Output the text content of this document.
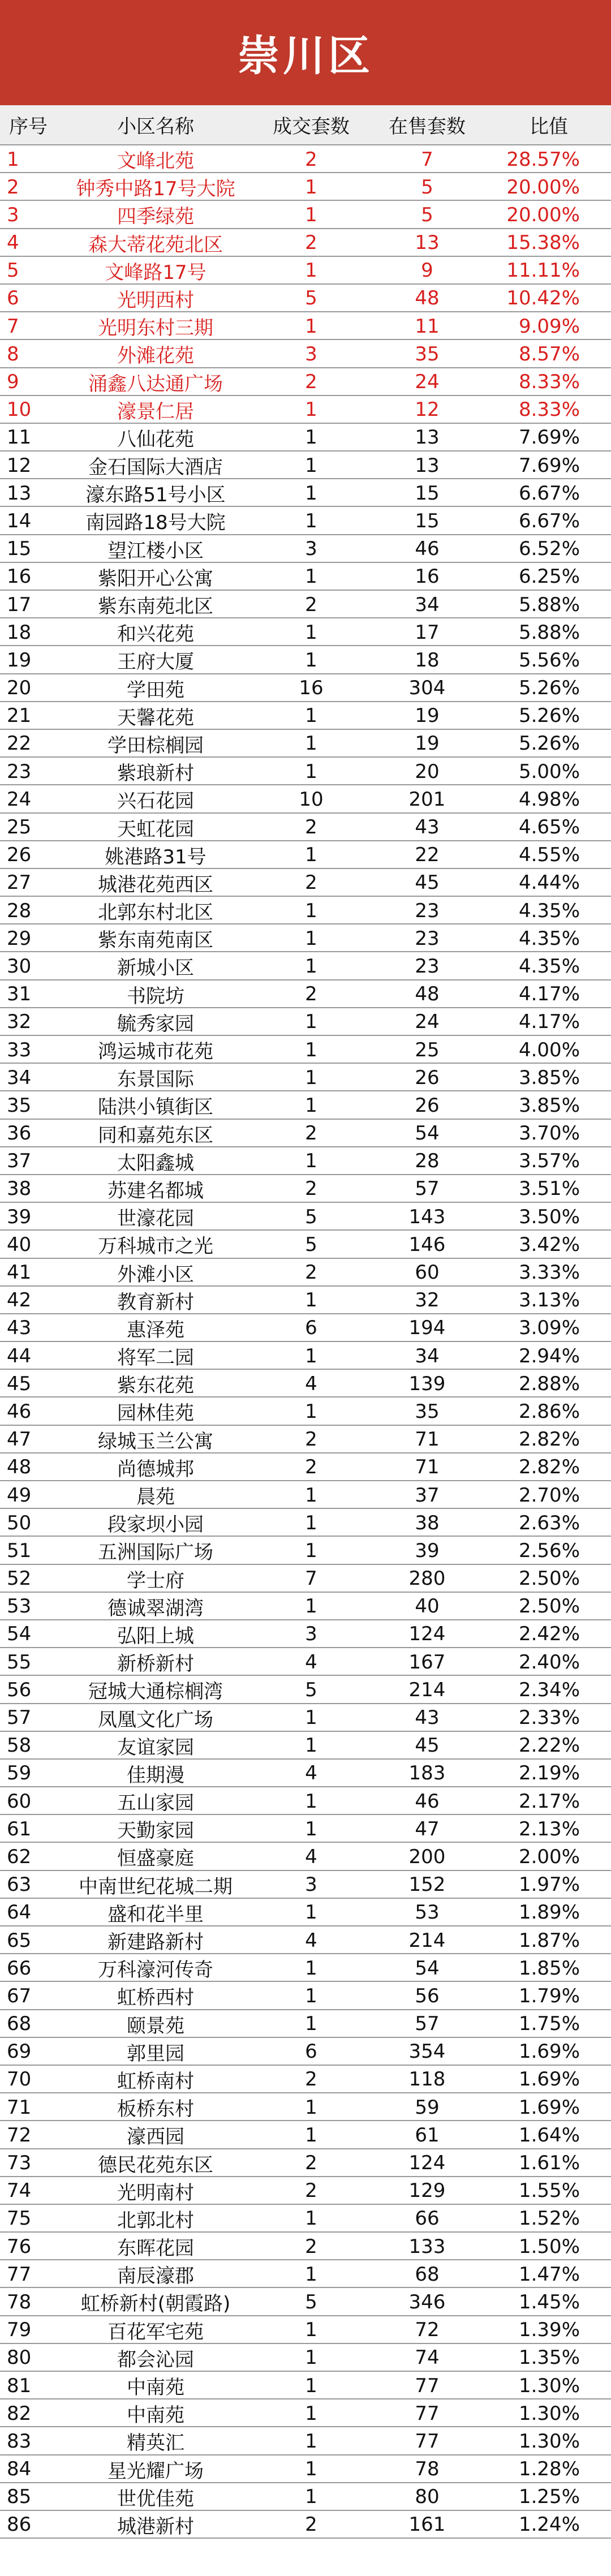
崇川区
序号	小区名称	成交套数	在售套数	比值
1	文峰北苑	2	7	28.57%
2	钟秀中路17号大院	1	5	20.00%
3	四季绿苑	1	5	20.00%
4	森大蒂花苑北区	2	13	15.38%
5	文峰路17号	1	9	11.11%
6	光明西村	5	48	10.42%
7	光明东村三期	1	11	9.09%
8	外滩花苑	3	35	8.57%
9	涌鑫八达通广场	2	24	8.33%
10	濠景仁居	1	12	8.33%
11	八仙花苑	1	13	7.69%
12	金石国际大酒店	1	13	7.69%
13	濠东路51号小区	1	15	6.67%
14	南园路18号大院	1	15	6.67%
15	望江楼小区	3	46	6.52%
16	紫阳开心公寓	1	16	6.25%
17	紫东南苑北区	2	34	5.88%
18	和兴花苑	1	17	5.88%
19	王府大厦	1	18	5.56%
20	学田苑	16	304	5.26%
21	天馨花苑	1	19	5.26%
22	学田棕榈园	1	19	5.26%
23	紫琅新村	1	20	5.00%
24	兴石花园	10	201	4.98%
25	天虹花园	2	43	4.65%
26	姚港路31号	1	22	4.55%
27	城港花苑西区	2	45	4.44%
28	北郭东村北区	1	23	4.35%
29	紫东南苑南区	1	23	4.35%
30	新城小区	1	23	4.35%
31	书院坊	2	48	4.17%
32	毓秀家园	1	24	4.17%
33	鸿运城市花苑	1	25	4.00%
34	东景国际	1	26	3.85%
35	陆洪小镇街区	1	26	3.85%
36	同和嘉苑东区	2	54	3.70%
37	太阳鑫城	1	28	3.57%
38	苏建名都城	2	57	3.51%
39	世濠花园	5	143	3.50%
40	万科城市之光	5	146	3.42%
41	外滩小区	2	60	3.33%
42	教育新村	1	32	3.13%
43	惠泽苑	6	194	3.09%
44	将军二园	1	34	2.94%
45	紫东花苑	4	139	2.88%
46	园林佳苑	1	35	2.86%
47	绿城玉兰公寓	2	71	2.82%
48	尚德城邦	2	71	2.82%
49	晨苑	1	37	2.70%
50	段家坝小园	1	38	2.63%
51	五洲国际广场	1	39	2.56%
52	学士府	7	280	2.50%
53	德诚翠湖湾	1	40	2.50%
54	弘阳上城	3	124	2.42%
55	新桥新村	4	167	2.40%
56	冠城大通棕榈湾	5	214	2.34%
57	凤凰文化广场	1	43	2.33%
58	友谊家园	1	45	2.22%
59	佳期漫	4	183	2.19%
60	五山家园	1	46	2.17%
61	天勤家园	1	47	2.13%
62	恒盛豪庭	4	200	2.00%
63	中南世纪花城二期	3	152	1.97%
64	盛和花半里	1	53	1.89%
65	新建路新村	4	214	1.87%
66	万科濠河传奇	1	54	1.85%
67	虹桥西村	1	56	1.79%
68	颐景苑	1	57	1.75%
69	郭里园	6	354	1.69%
70	虹桥南村	2	118	1.69%
71	板桥东村	1	59	1.69%
72	濠西园	1	61	1.64%
73	德民花苑东区	2	124	1.61%
74	光明南村	2	129	1.55%
75	北郭北村	1	66	1.52%
76	东晖花园	2	133	1.50%
77	南辰濠郡	1	68	1.47%
78	虹桥新村(朝霞路)	5	346	1.45%
79	百花军宅苑	1	72	1.39%
80	都会沁园	1	74	1.35%
81	中南苑	1	77	1.30%
82	中南苑	1	77	1.30%
83	精英汇	1	77	1.30%
84	星光耀广场	1	78	1.28%
85	世优佳苑	1	80	1.25%
86	城港新村	2	161	1.24%
